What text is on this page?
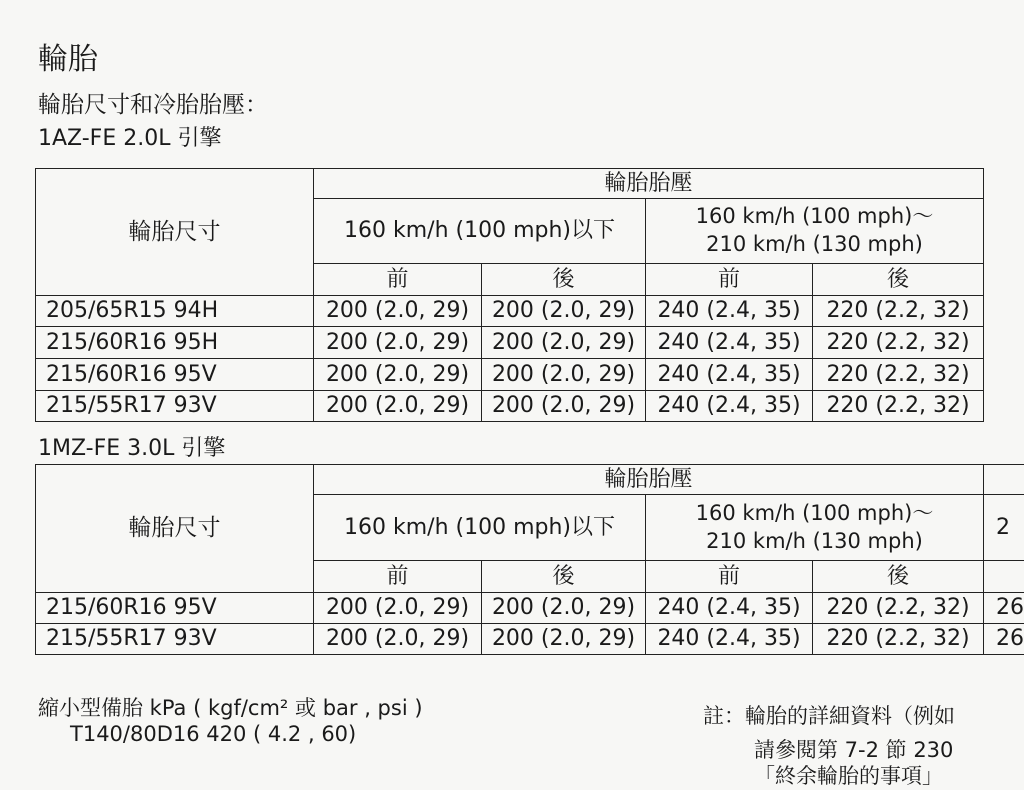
輪胎
輪胎尺寸和冷胎胎壓：
1AZ-FE 2.0L 引擎
輪胎尺寸	輪胎胎壓			
	160 km/h (100 mph)以下		160 km/h (100 mph)～
210 km/h (130 mph)	

	前	後	前	後
205/65R15 94H	200 (2.0, 29)	200 (2.0, 29)	240 (2.4, 35)	220 (2.2, 32)
215/60R16 95H	200 (2.0, 29)	200 (2.0, 29)	240 (2.4, 35)	220 (2.2, 32)
215/60R16 95V	200 (2.0, 29)	200 (2.0, 29)	240 (2.4, 35)	220 (2.2, 32)
215/55R17 93V	200 (2.0, 29)	200 (2.0, 29)	240 (2.4, 35)	220 (2.2, 32)
1MZ-FE 3.0L 引擎
輪胎尺寸	輪胎胎壓				
	160 km/h (100 mph)以下		160 km/h (100 mph)～
210 km/h (130 mph)		2
	前	後	前	後	
215/60R16 95V	200 (2.0, 29)	200 (2.0, 29)	240 (2.4, 35)	220 (2.2, 32)	26
215/55R17 93V	200 (2.0, 29)	200 (2.0, 29)	240 (2.4, 35)	220 (2.2, 32)	26
縮小型備胎 kPa ( kgf/cm² 或 bar , psi )
T140/80D16 420 ( 4.2 , 60)
註：輪胎的詳細資料（例如
請參閱第 7-2 節 230
「終余輪胎的事項」
